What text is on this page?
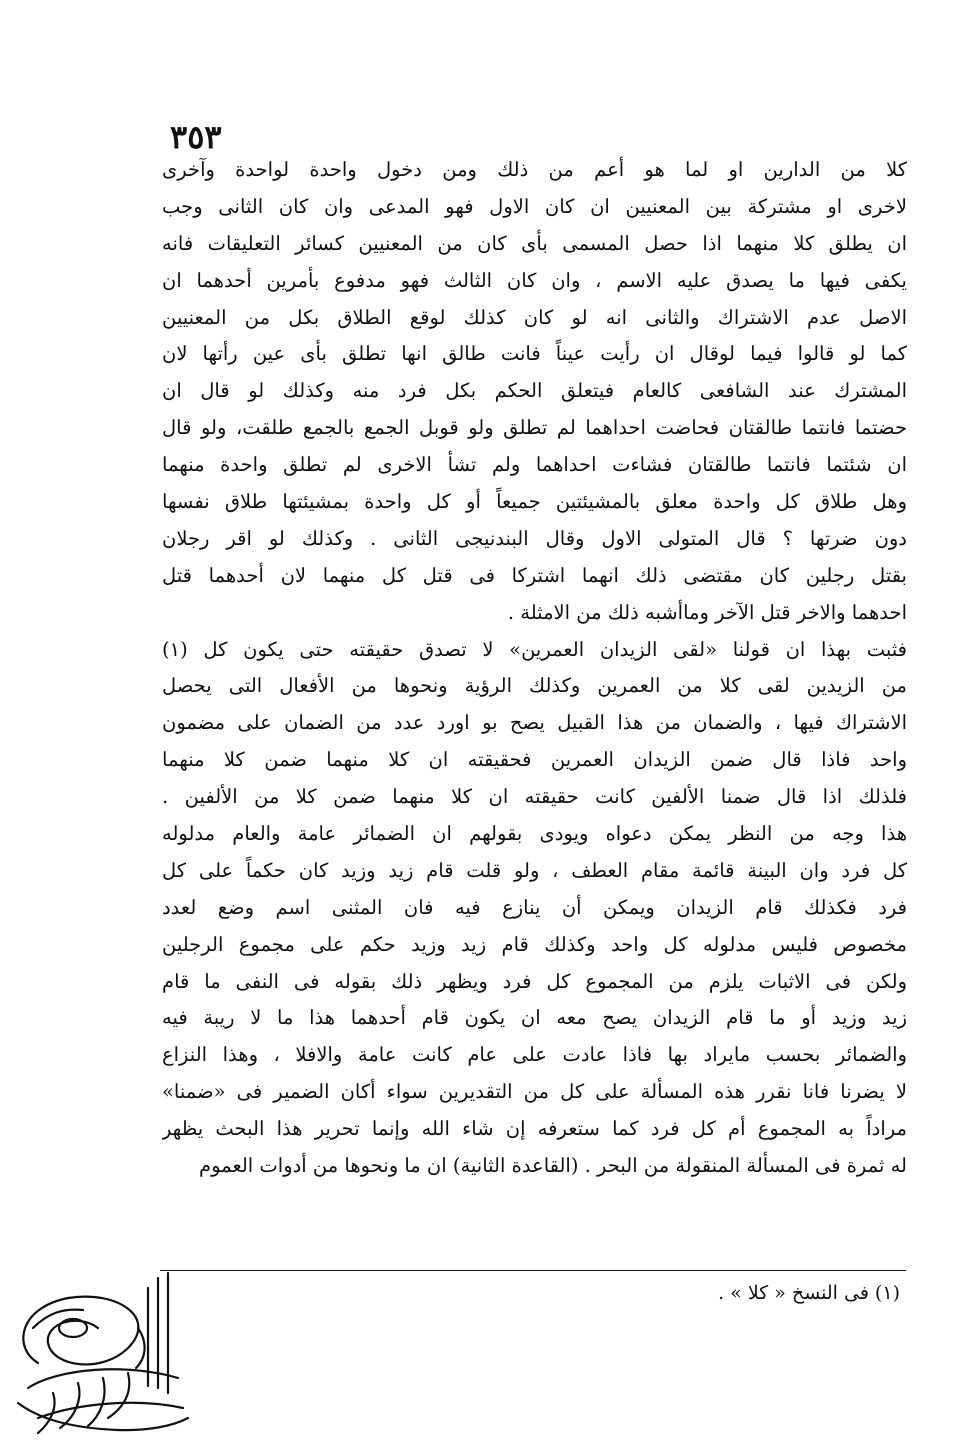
٣٥٣
كلا من الدارين او لما هو أعم من ذلك ومن دخول واحدة لواحدة وآخرى
لاخرى او مشتركة بين المعنيين ان كان الاول فهو المدعى وان كان الثانى وجب
ان يطلق كلا منهما اذا حصل المسمى بأى كان من المعنيين كسائر التعليقات فانه
يكفى فيها ما يصدق عليه الاسم ، وان كان الثالث فهو مدفوع بأمرين أحدهما ان
الاصل عدم الاشتراك والثانى انه لو كان كذلك لوقع الطلاق بكل من المعنيين
كما لو قالوا فيما لوقال ان رأيت عيناً فانت طالق انها تطلق بأى عين رأتها لان
المشترك عند الشافعى كالعام فيتعلق الحكم بكل فرد منه وكذلك لو قال ان
حضتما فانتما طالقتان فحاضت احداهما لم تطلق ولو قوبل الجمع بالجمع طلقت، ولو قال
ان شئتما فانتما طالقتان فشاءت احداهما ولم تشأ الاخرى لم تطلق واحدة منهما
وهل طلاق كل واحدة معلق بالمشيئتين جميعاً أو كل واحدة بمشيئتها طلاق نفسها
دون ضرتها ؟ قال المتولى الاول وقال البندنيجى الثانى . وكذلك لو اقر رجلان
بقتل رجلين كان مقتضى ذلك انهما اشتركا فى قتل كل منهما لان أحدهما قتل
احدهما والاخر قتل الآخر وماأشبه ذلك من الامثلة .
فثبت بهذا ان قولنا «لقى الزيدان العمرين» لا تصدق حقيقته حتى يكون كل (١)
من الزيدين لقى كلا من العمرين وكذلك الرؤية ونحوها من الأفعال التى يحصل
الاشتراك فيها ، والضمان من هذا القبيل يصح بو اورد عدد من الضمان على مضمون
واحد فاذا قال ضمن الزيدان العمرين فحقيقته ان كلا منهما ضمن كلا منهما
فلذلك اذا قال ضمنا الألفين كانت حقيقته ان كلا منهما ضمن كلا من الألفين .
هذا وجه من النظر يمكن دعواه ويودى بقولهم ان الضمائر عامة والعام مدلوله
كل فرد وان البينة قائمة مقام العطف ، ولو قلت قام زيد وزيد كان حكماً على كل
فرد فكذلك قام الزيدان ويمكن أن ينازع فيه فان المثنى اسم وضع لعدد
مخصوص فليس مدلوله كل واحد وكذلك قام زيد وزيد حكم على مجموع الرجلين
ولكن فى الاثبات يلزم من المجموع كل فرد ويظهر ذلك بقوله فى النفى ما قام
زيد وزيد أو ما قام الزيدان يصح معه ان يكون قام أحدهما هذا ما لا ريبة فيه
والضمائر بحسب مايراد بها فاذا عادت على عام كانت عامة والافلا ، وهذا النزاع
لا يضرنا فانا نقرر هذه المسألة على كل من التقديرين سواء أكان الضمير فى «ضمنا»
مراداً به المجموع أم كل فرد كما ستعرفه إن شاء الله وإنما تحرير هذا البحث يظهر
له ثمرة فى المسألة المنقولة من البحر . (القاعدة الثانية) ان ما ونحوها من أدوات العموم
(١) فى النسخ « كلا » .
